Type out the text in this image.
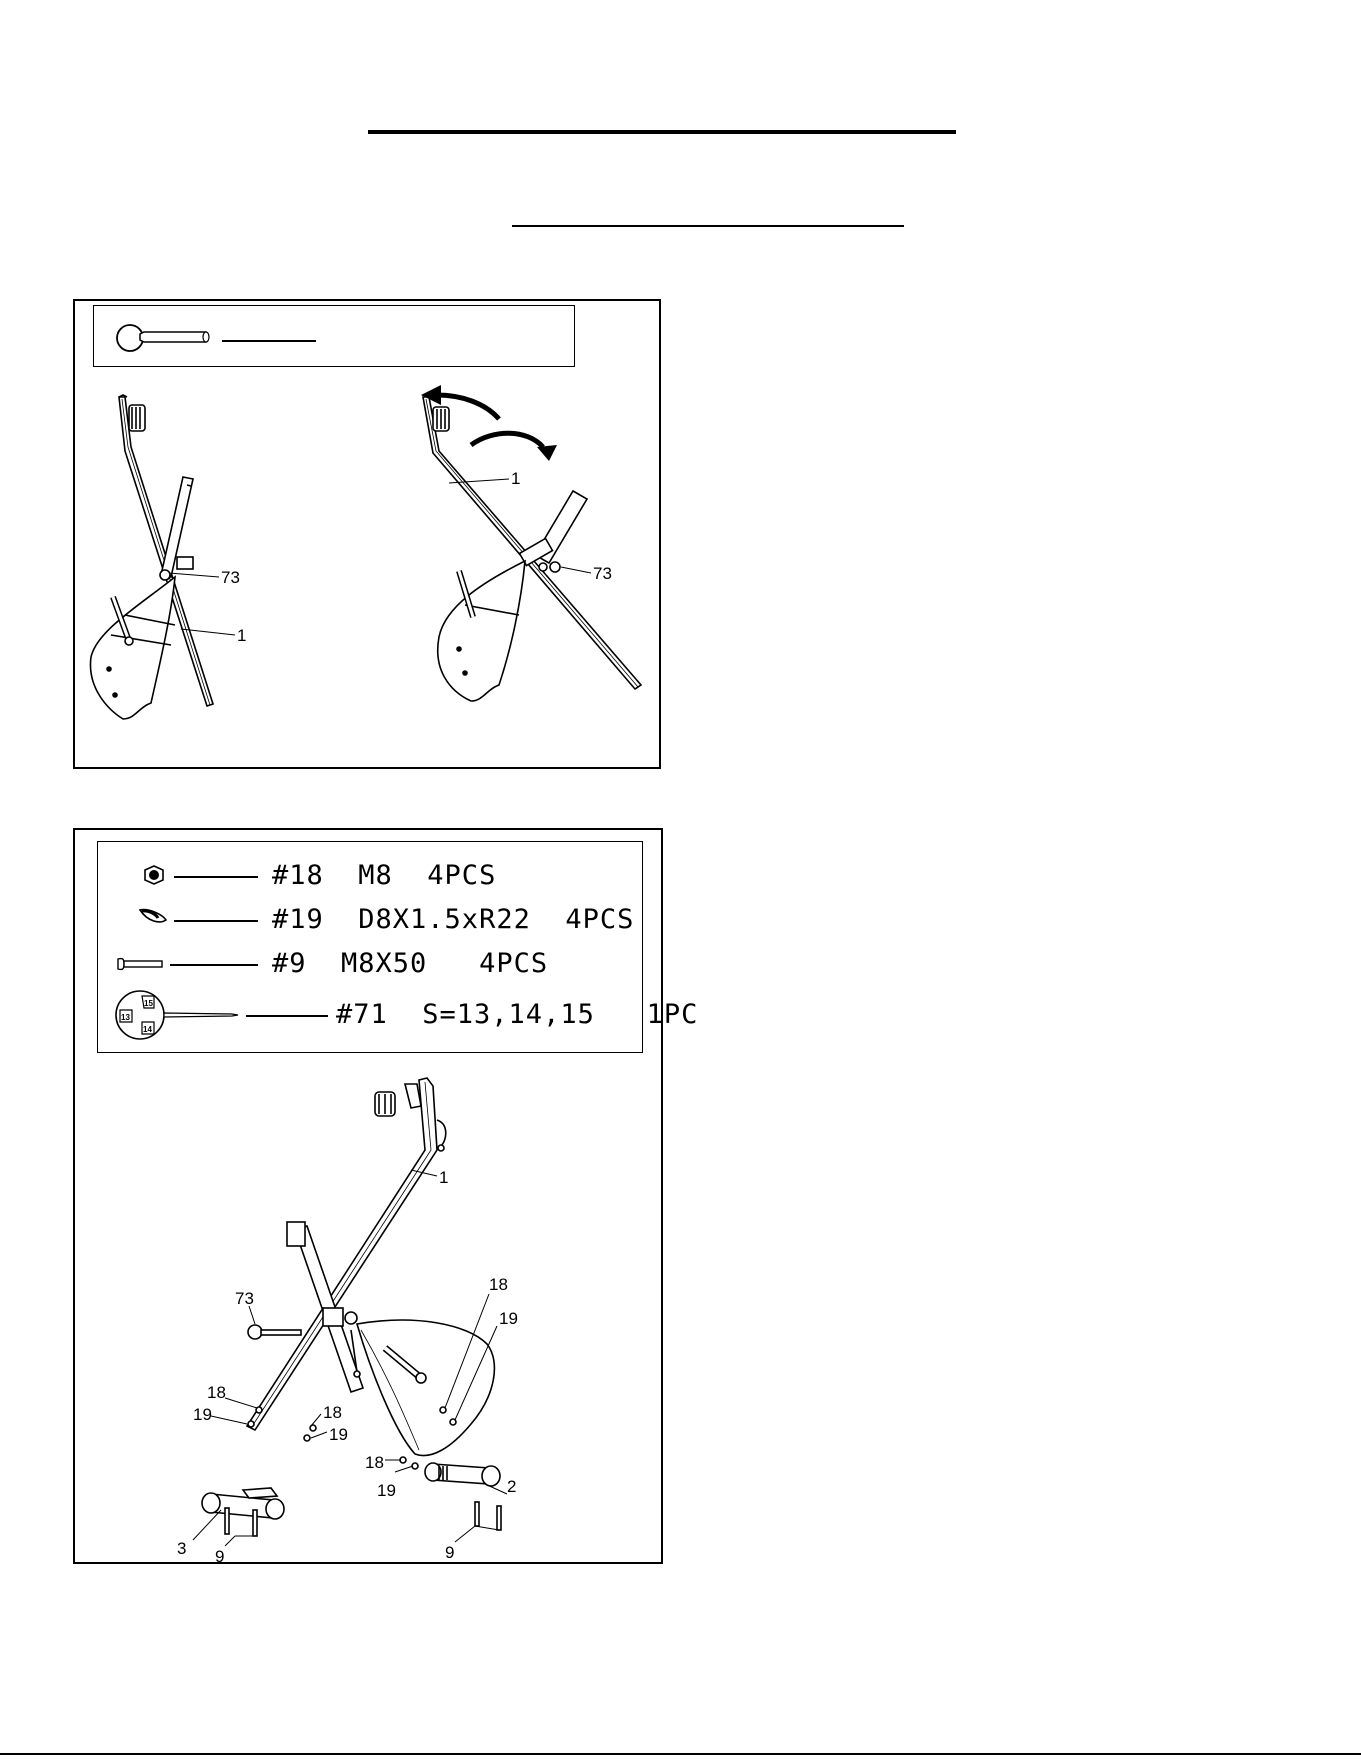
73
1
1
73
#18  M8  4PCS
#19  D8X1.5xR22  4PCS
#9  M8X50   4PCS
15
13
14	#71  S=13,14,15   1PC
1
73
18
19	18
19
18
19
18
19
2
3 9	9
